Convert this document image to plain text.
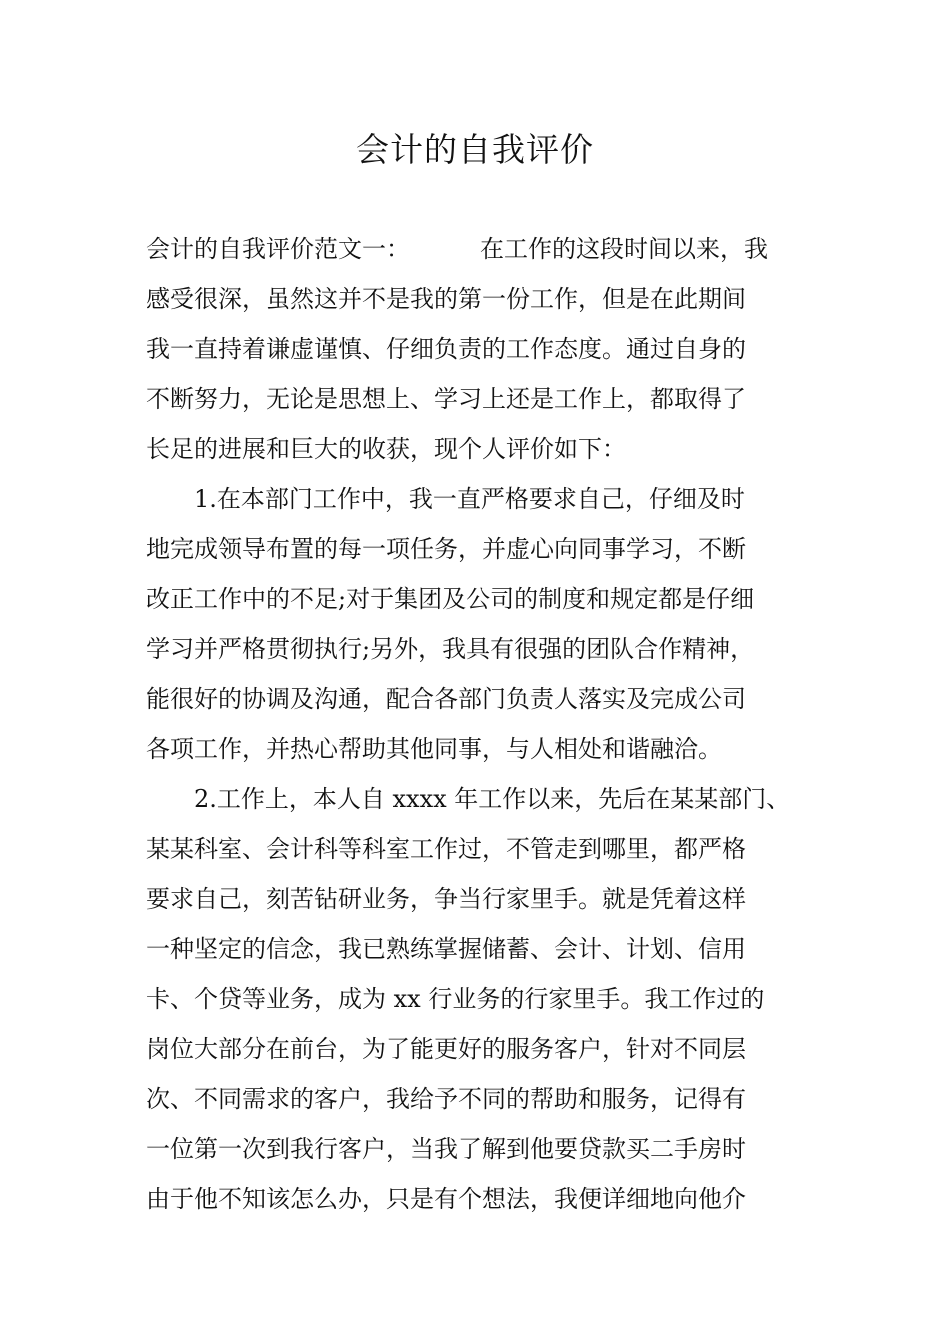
会计的自我评价
会计的自我评价范文一：	在工作的这段时间以来，我
感受很深，虽然这并不是我的第一份工作，但是在此期间
我一直持着谦虚谨慎、仔细负责的工作态度。通过自身的
不断努力，无论是思想上、学习上还是工作上，都取得了
长足的进展和巨大的收获，现个人评价如下：
1.在本部门工作中，我一直严格要求自己，仔细及时
地完成领导布置的每一项任务，并虚心向同事学习，不断
改正工作中的不足;对于集团及公司的制度和规定都是仔细
学习并严格贯彻执行;另外，我具有很强的团队合作精神，
能很好的协调及沟通，配合各部门负责人落实及完成公司
各项工作，并热心帮助其他同事，与人相处和谐融洽。
2.工作上，本人自 xxxx 年工作以来，先后在某某部门、
某某科室、会计科等科室工作过，不管走到哪里，都严格
要求自己，刻苦钻研业务，争当行家里手。就是凭着这样
一种坚定的信念，我已熟练掌握储蓄、会计、计划、信用
卡、个贷等业务，成为 xx 行业务的行家里手。我工作过的
岗位大部分在前台，为了能更好的服务客户，针对不同层
次、不同需求的客户，我给予不同的帮助和服务，记得有
一位第一次到我行客户，当我了解到他要贷款买二手房时
由于他不知该怎么办，只是有个想法，我便详细地向他介
